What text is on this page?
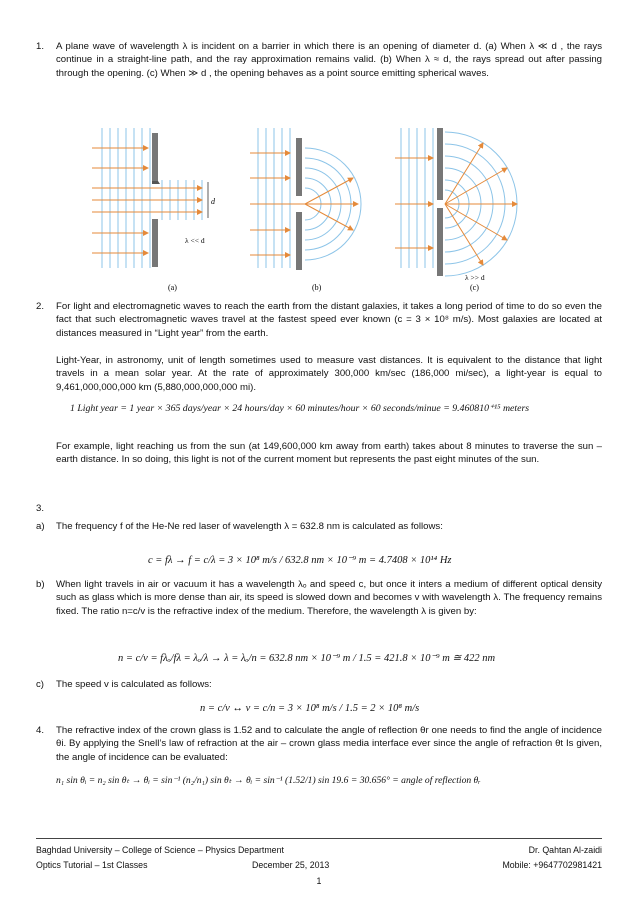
1. A plane wave of wavelength λ is incident on a barrier in which there is an opening of diameter d. (a) When λ ≪ d , the rays continue in a straight-line path, and the ray approximation remains valid. (b) When λ ≈ d, the rays spread out after passing through the opening. (c) When ≫ d , the opening behaves as a point source emitting spherical waves.

d
λ << d
(a)	(b)
λ >> d
(c)
2. For light and electromagnetic waves to reach the earth from the distant galaxies, it takes a long period of time to do so even the fact that such electromagnetic waves travel at the fastest speed ever known (c = 3 × 10⁸ m/s). Most galaxies are located at distances measured in “Light year” from the earth.

Light-Year, in astronomy, unit of length sometimes used to measure vast distances. It is equivalent to the distance that light travels in a mean solar year. At the rate of approximately 300,000 km/sec (186,000 mi/sec), a light-year is equal to 9,461,000,000,000 km (5,880,000,000,000 mi).

1 Light year = 1 year × 365 days/year × 24 hours/day × 60 minutes/hour × 60 seconds/minue = 9.460810⁺¹⁵ meters

For example, light reaching us from the sun (at 149,600,000 km away from earth) takes about 8 minutes to traverse the sun – earth distance. In so doing, this light is not of the current moment but represents the past eight minutes of the sun.

3.
a) The frequency f of the He-Ne red laser of wavelength λ = 632.8 nm is calculated as follows:

c = fλ → f = c/λ = 3 × 10⁸ m/s / 632.8 nm × 10⁻⁹ m = 4.7408 × 10¹⁴ Hz
b) When light travels in air or vacuum it has a wavelength λₒ and speed c, but once it inters a medium of different optical density such as glass which is more dense than air, its speed is slowed down and becomes v with wavelength λ. The frequency remains fixed. The ratio n=c/v is the refractive index of the medium. Therefore, the wavelength λ is given by:

n = c/v = fλₒ/fλ = λₒ/λ → λ = λₒ/n = 632.8 nm × 10⁻⁹ m / 1.5 = 421.8 × 10⁻⁹ m ≅ 422 nm
c) The speed v is calculated as follows:

n = c/v ↔ v = c/n = 3 × 10⁸ m/s / 1.5 = 2 × 10⁸ m/s
4. The refractive index of the crown glass is 1.52 and to calculate the angle of reflection θr one needs to find the angle of incidence θi. By applying the Snell’s law of refraction at the air – crown glass media interface ever since the angle of refraction θt Is given, the angle of incidence can be evaluated:

n₁ sin θᵢ = n₂ sin θₜ → θᵢ = sin⁻¹ (n₂/n₁) sin θₜ → θᵢ = sin⁻¹ (1.52/1) sin 19.6 = 30.656° = angle of reflection θᵣ
Baghdad University – College of Science – Physics Department	Dr. Qahtan Al-zaidi
Optics Tutorial – 1st Classes	December 25, 2013	Mobile: +9647702981421
1
